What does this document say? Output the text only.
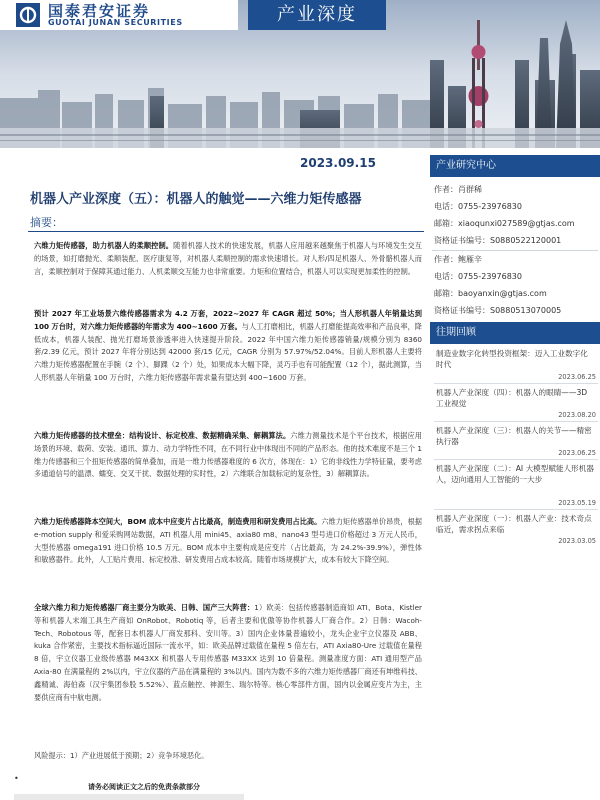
国泰君安证券
GUOTAI JUNAN SECURITIES	产业深度
2023.09.15
机器人产业深度（五）：机器人的触觉——六维力矩传感器
摘要：

六维力矩传感器，助力机器人的柔顺控制。随着机器人技术的快速发展，机器人应用越来越聚焦于机器人与环境发生交互的场景，如打磨抛光、柔顺装配、医疗康复等，对机器人柔顺控制的需求快速增长。对人形/四足机器人、外骨骼机器人而言，柔顺控制对于保障其通过能力、人机柔顺交互能力也非常重要。力矩和位置结合，机器人可以实现更加柔性的控制。

预计 2027 年工业场景六维传感器需求为 4.2 万套，2022~2027 年 CAGR 超过 50%；当人形机器人年销量达到 100 万台时，对六维力矩传感器的年需求为 400~1600 万套。与人工打磨相比，机器人打磨能提高效率和产品良率，降低成本，机器人装配、抛光打磨场景渗透率进入快速提升阶段。2022 年中国六维力矩传感器销量/规模分别为 8360 套/2.39 亿元，预计 2027 年将分别达到 42000 套/15 亿元，CAGR 分别为 57.97%/52.04%。目前人形机器人主要将六维力矩传感器配置在手腕（2 个）、脚踝（2 个）处，如果成本大幅下降，灵巧手也有可能配置（12 个），据此测算，当人形机器人年销量 100 万台时，六维力矩传感器年需求量有望达到 400~1600 万套。

六维力矩传感器的技术壁垒：结构设计、标定校准、数据精确采集、解耦算法。六维力测量技术是个平台技术，根据应用场景的环境、载荷、安装、通讯、算力、动力学特性不同，在不同行业中体现出不同的产品形态。他的技术难度不是三个 1 维力传感器和三个扭矩传感器的简单叠加，而是一维力传感器难度的 6 次方，体现在：1）它的非线性力学特征量，要考虑多通道信号的温漂、蠕变、交叉干扰、数据处理的实时性，2）六维联合加载标定的复杂性，3）解耦算法。

六维力矩传感器降本空间大，BOM 成本中应变片占比最高，制造费用和研发费用占比高。六维力矩传感器单价昂贵，根据 e-motion supply 和爱采购网站数据，ATI 机器人用 mini45、axia80 m8、nano43 型号进口价格超过 3 万元人民币，大型传感器 omega191 进口价格 10.5 万元。BOM 成本中主要构成是应变片（占比最高，为 24.2%-39.9%），弹性体和敏感器件。此外，人工贴片费用、标定校准、研发费用占成本较高。随着市场规模扩大，成本有较大下降空间。

全球六维力和力矩传感器厂商主要分为欧美、日韩、国产三大阵营：1）欧美：包括传感器制造商如 ATI、Bota、Kistler 等和机器人末端工具生产商如 OnRobot、Robotiq 等，后者主要和优傲等协作机器人厂商合作。2）日韩：Wacoh-Tech、Robotous 等，配套日本机器人厂商发那科、安川等。3）国内企业体量普遍较小，龙头企业宇立仪器及 ABB、kuka 合作紧密，主要技术指标逼近国际一流水平，如：欧美品牌过载值在量程 5 倍左右，ATI Axia80-Ure 过载值在量程 8 倍，宇立仪器工业级传感器 M43XX 和机器人专用传感器 M33XX 达到 10 倍量程。测量准度方面：ATI 通用型产品 Axia-80 在满量程的 2%以内，宇立仪器的产品在满量程的 3%以内。国内为数不多的六维力矩传感器厂商还有坤维科技、鑫精诚、海伯森（汉宇集团参股 5.52%）、蓝点触控、神源生、瑞尔特等。核心零部件方面，国内以金属应变片为主，主要供应商有中航电测。

风险提示：1）产业进展低于预期；2）竞争环境恶化。
•
请务必阅读正文之后的免责条款部分
产业研究中心
作者：肖群稀
电话：0755-23976830
邮箱：xiaoqunxi027589@gtjas.com
资格证书编号：S0880522120001
作者：鲍雁辛
电话：0755-23976830
邮箱：baoyanxin@gtjas.com
资格证书编号：S0880513070005
往期回顾
制造业数字化转型投资框架：迈入工业数字化时代
2023.06.25
机器人产业深度（四）：机器人的眼睛——3D 工业视觉
2023.08.20
机器人产业深度（三）：机器人的关节——精密执行器
2023.06.25
机器人产业深度（二）：AI 大模型赋能人形机器人，迈向通用人工智能的一大步
2023.05.19
机器人产业深度（一）：机器人产业：技术奇点临近，需求拐点来临
2023.03.05
